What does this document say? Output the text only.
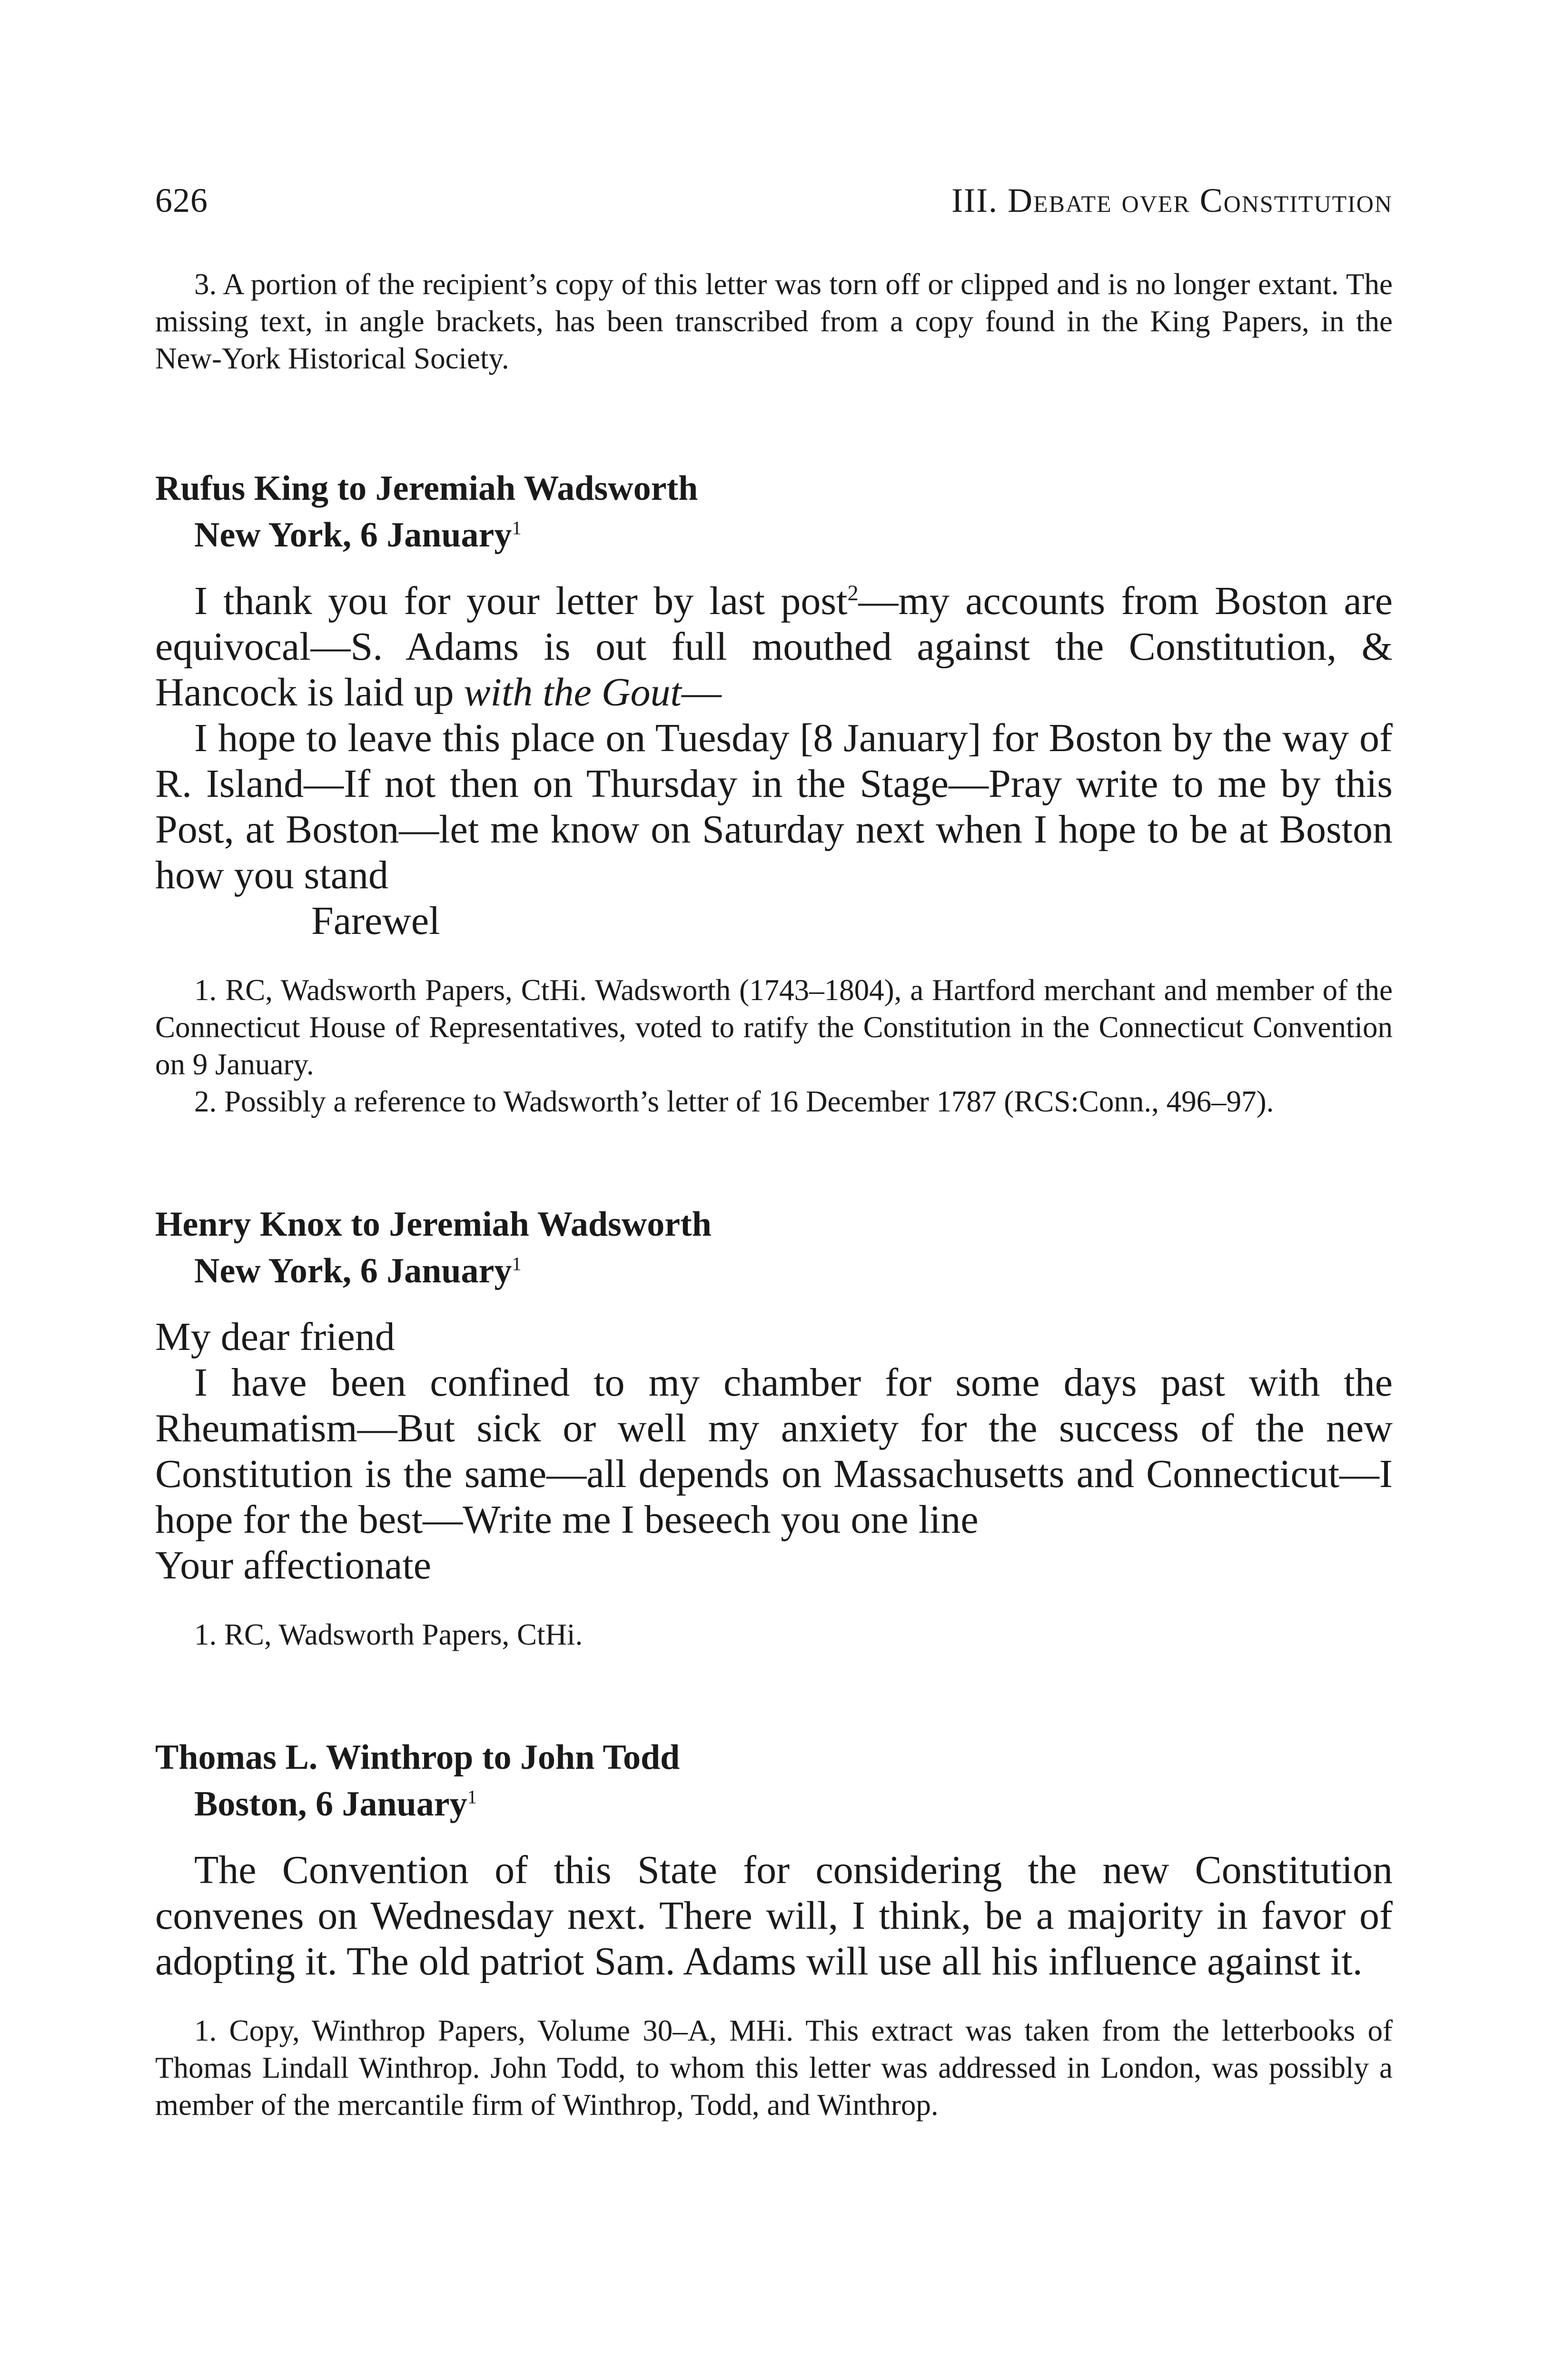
626	III. Debate over Constitution

3. A portion of the recipient’s copy of this letter was torn off or clipped and is no longer extant. The missing text, in angle brackets, has been transcribed from a copy found in the King Papers, in the New-York Historical Society.

Rufus King to Jeremiah Wadsworth

New York, 6 January$^1$

I thank you for your letter by last post$^2$—my accounts from Boston are equivocal—S. Adams is out full mouthed against the Constitution, & Hancock is laid up with the Gout—

I hope to leave this place on Tuesday [8 January] for Boston by the way of R. Island—If not then on Thursday in the Stage—Pray write to me by this Post, at Boston—let me know on Saturday next when I hope to be at Boston how you stand

Farewel

1. RC, Wadsworth Papers, CtHi. Wadsworth (1743–1804), a Hartford merchant and member of the Connecticut House of Representatives, voted to ratify the Constitution in the Connecticut Convention on 9 January.

2. Possibly a reference to Wadsworth’s letter of 16 December 1787 (RCS:Conn., 496–97).

Henry Knox to Jeremiah Wadsworth

New York, 6 January$^1$

My dear friend

I have been confined to my chamber for some days past with the Rheumatism—But sick or well my anxiety for the success of the new Constitution is the same—all depends on Massachusetts and Connecticut—I hope for the best—Write me I beseech you one line

Your affectionate

1. RC, Wadsworth Papers, CtHi.

Thomas L. Winthrop to John Todd

Boston, 6 January$^1$

The Convention of this State for considering the new Constitution convenes on Wednesday next. There will, I think, be a majority in favor of adopting it. The old patriot Sam. Adams will use all his influence against it.

1. Copy, Winthrop Papers, Volume 30–A, MHi. This extract was taken from the letterbooks of Thomas Lindall Winthrop. John Todd, to whom this letter was addressed in London, was possibly a member of the mercantile firm of Winthrop, Todd, and Winthrop.
